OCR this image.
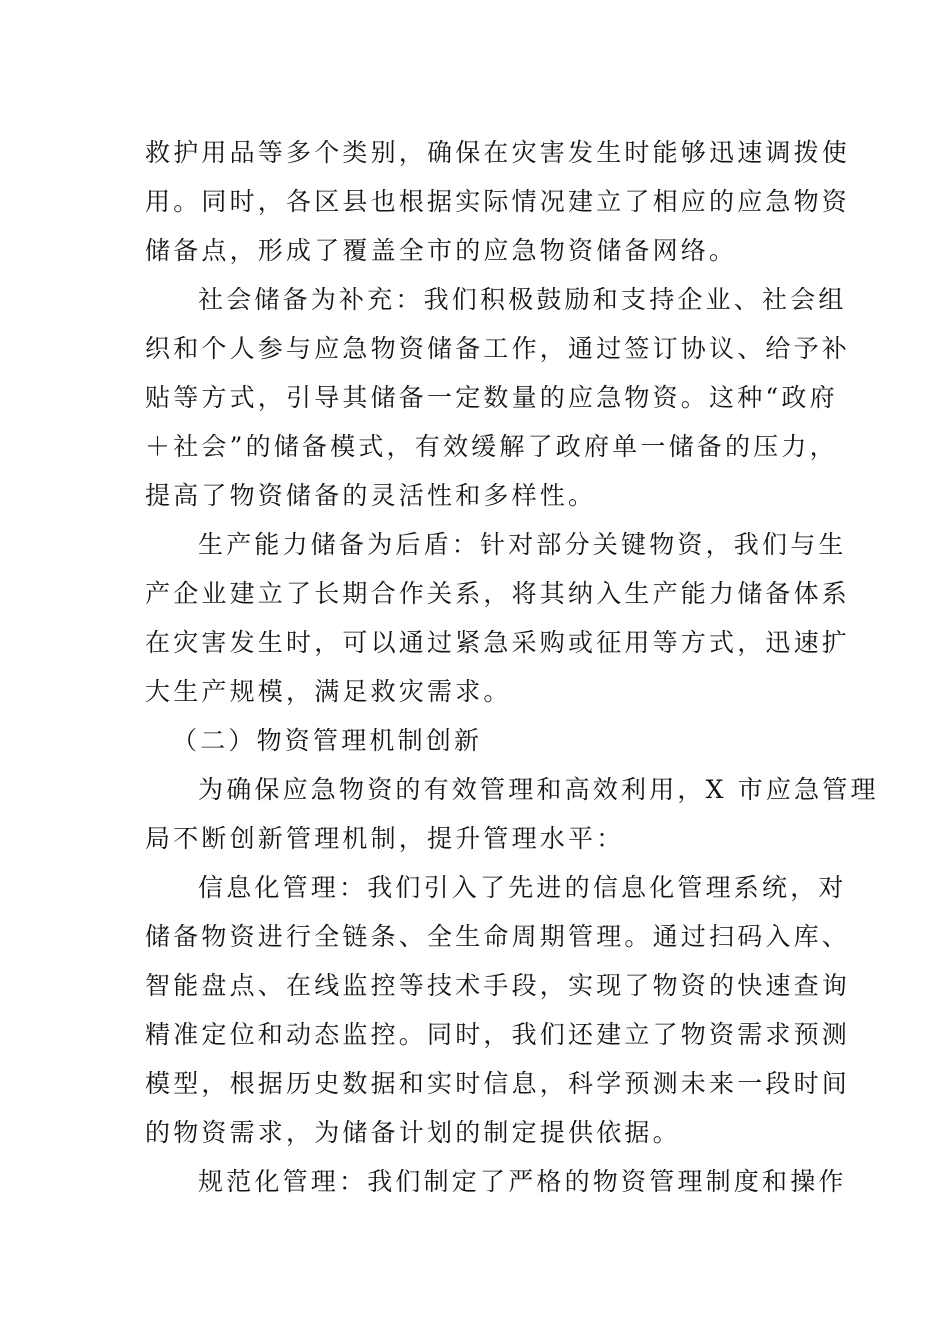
救护用品等多个类别，确保在灾害发生时能够迅速调拨使
用。同时，各区县也根据实际情况建立了相应的应急物资
储备点，形成了覆盖全市的应急物资储备网络。
社会储备为补充：我们积极鼓励和支持企业、社会组
织和个人参与应急物资储备工作，通过签订协议、给予补
贴等方式，引导其储备一定数量的应急物资。这种“政府
＋社会”的储备模式，有效缓解了政府单一储备的压力，
提高了物资储备的灵活性和多样性。
生产能力储备为后盾：针对部分关键物资，我们与生
产企业建立了长期合作关系，将其纳入生产能力储备体系
在灾害发生时，可以通过紧急采购或征用等方式，迅速扩
大生产规模，满足救灾需求。
（二）物资管理机制创新
为确保应急物资的有效管理和高效利用，X 市应急管理
局不断创新管理机制，提升管理水平：
信息化管理：我们引入了先进的信息化管理系统，对
储备物资进行全链条、全生命周期管理。通过扫码入库、
智能盘点、在线监控等技术手段，实现了物资的快速查询
精准定位和动态监控。同时，我们还建立了物资需求预测
模型，根据历史数据和实时信息，科学预测未来一段时间
的物资需求，为储备计划的制定提供依据。
规范化管理：我们制定了严格的物资管理制度和操作
